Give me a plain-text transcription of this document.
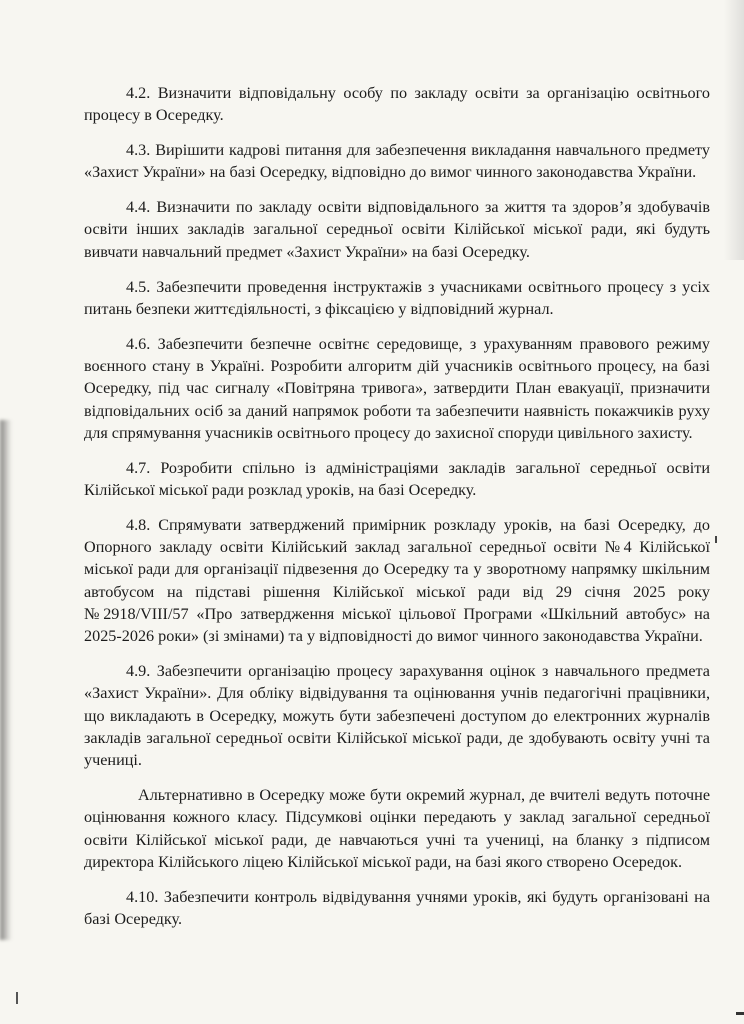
4.2. Визначити відповідальну особу по закладу освіти за організацію освітнього процесу в Осередку.

4.3. Вирішити кадрові питання для забезпечення викладання навчального предмету «Захист України» на базі Осередку, відповідно до вимог чинного законодавства України.

4.4. Визначити по закладу освіти відповідального за життя та здоров’я здобувачів освіти інших закладів загальної середньої освіти Кілійської міської ради, які будуть вивчати навчальний предмет «Захист України» на базі Осередку.

4.5. Забезпечити проведення інструктажів з учасниками освітнього процесу з усіх питань безпеки життєдіяльності, з фіксацією у відповідний журнал.

4.6. Забезпечити безпечне освітнє середовище, з урахуванням правового режиму воєнного стану в Україні. Розробити алгоритм дій учасників освітнього процесу, на базі Осередку, під час сигналу «Повітряна тривога», затвердити План евакуації, призначити відповідальних осіб за даний напрямок роботи та забезпечити наявність покажчиків руху для спрямування учасників освітнього процесу до захисної споруди цивільного захисту.

4.7. Розробити спільно із адміністраціями закладів загальної середньої освіти Кілійської міської ради розклад уроків, на базі Осередку.

4.8. Спрямувати затверджений примірник розкладу уроків, на базі Осередку, до Опорного закладу освіти Кілійський заклад загальної середньої освіти №4 Кілійської міської ради для організації підвезення до Осередку та у зворотному напрямку шкільним автобусом на підставі рішення Кілійської міської ради від 29 січня 2025 року №2918/VIII/57 «Про затвердження міської цільової Програми «Шкільний автобус» на 2025-2026 роки» (зі змінами) та у відповідності до вимог чинного законодавства України.

4.9. Забезпечити організацію процесу зарахування оцінок з навчального предмета «Захист України». Для обліку відвідування та оцінювання учнів педагогічні працівники, що викладають в Осередку, можуть бути забезпечені доступом до електронних журналів закладів загальної середньої освіти Кілійської міської ради, де здобувають освіту учні та учениці.

Альтернативно в Осередку може бути окремий журнал, де вчителі ведуть поточне оцінювання кожного класу. Підсумкові оцінки передають у заклад загальної середньої освіти Кілійської міської ради, де навчаються учні та учениці, на бланку з підписом директора Кілійського ліцею Кілійської міської ради, на базі якого створено Осередок.

4.10. Забезпечити контроль відвідування учнями уроків, які будуть організовані на базі Осередку.
